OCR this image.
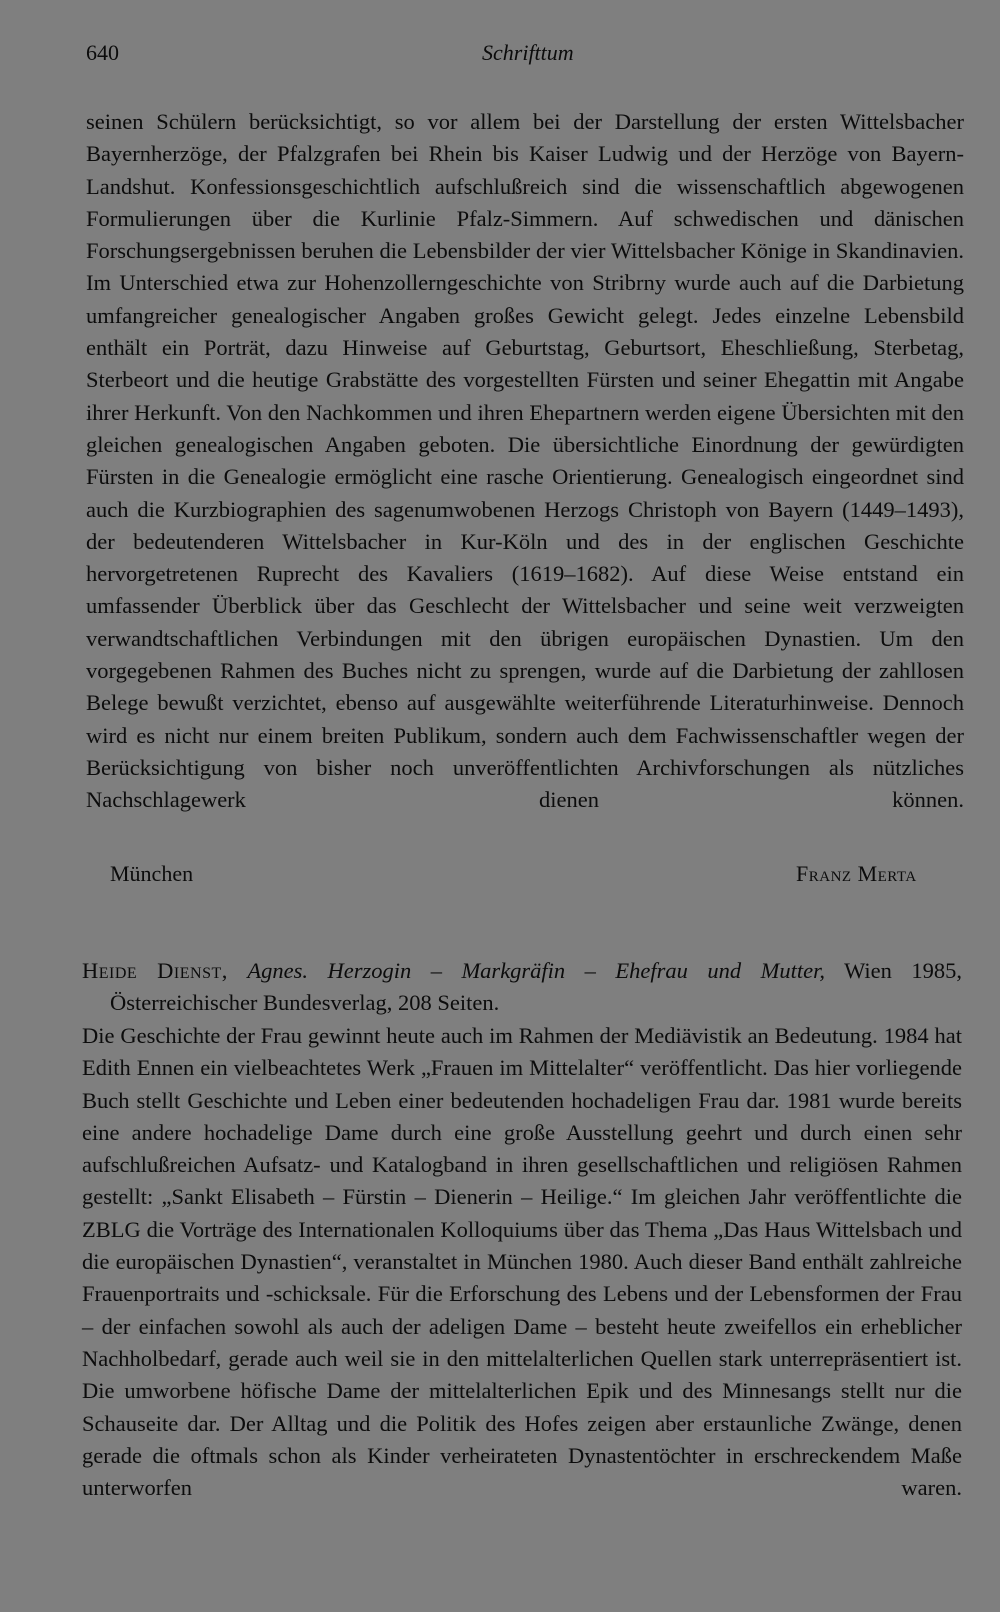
640	Schrifttum

seinen Schülern berücksichtigt, so vor allem bei der Darstellung der ersten Wittelsbacher Bayernherzöge, der Pfalzgrafen bei Rhein bis Kaiser Ludwig und der Herzöge von Bayern-Landshut. Konfessionsgeschichtlich aufschlußreich sind die wissenschaftlich abgewogenen Formulierungen über die Kurlinie Pfalz-Simmern. Auf schwedischen und dänischen Forschungsergebnissen beruhen die Lebensbilder der vier Wittelsbacher Könige in Skandinavien. Im Unterschied etwa zur Hohenzollerngeschichte von Stribrny wurde auch auf die Darbietung umfangreicher genealogischer Angaben großes Gewicht gelegt. Jedes einzelne Lebensbild enthält ein Porträt, dazu Hinweise auf Geburtstag, Geburtsort, Eheschließung, Sterbetag, Sterbeort und die heutige Grabstätte des vorgestellten Fürsten und seiner Ehegattin mit Angabe ihrer Herkunft. Von den Nachkommen und ihren Ehepartnern werden eigene Übersichten mit den gleichen genealogischen Angaben geboten. Die übersichtliche Einordnung der gewürdigten Fürsten in die Genealogie ermöglicht eine rasche Orientierung. Genealogisch eingeordnet sind auch die Kurzbiographien des sagenumwobenen Herzogs Christoph von Bayern (1449–1493), der bedeutenderen Wittelsbacher in Kur-Köln und des in der englischen Geschichte hervorgetretenen Ruprecht des Kavaliers (1619–1682). Auf diese Weise entstand ein umfassender Überblick über das Geschlecht der Wittelsbacher und seine weit verzweigten verwandtschaftlichen Verbindungen mit den übrigen europäischen Dynastien. Um den vorgegebenen Rahmen des Buches nicht zu sprengen, wurde auf die Darbietung der zahllosen Belege bewußt verzichtet, ebenso auf ausgewählte weiterführende Literaturhinweise. Dennoch wird es nicht nur einem breiten Publikum, sondern auch dem Fachwissenschaftler wegen der Berücksichtigung von bisher noch unveröffentlichten Archivforschungen als nützliches Nachschlagewerk dienen können.

München	Franz Merta
Heide Dienst, Agnes. Herzogin – Markgräfin – Ehefrau und Mutter, Wien 1985,
Österreichischer Bundesverlag, 208 Seiten.

Die Geschichte der Frau gewinnt heute auch im Rahmen der Mediävistik an Bedeutung. 1984 hat Edith Ennen ein vielbeachtetes Werk „Frauen im Mittelalter“ veröffentlicht. Das hier vorliegende Buch stellt Geschichte und Leben einer bedeutenden hochadeligen Frau dar. 1981 wurde bereits eine andere hochadelige Dame durch eine große Ausstellung geehrt und durch einen sehr aufschlußreichen Aufsatz- und Katalogband in ihren gesellschaftlichen und religiösen Rahmen gestellt: „Sankt Elisabeth – Fürstin – Dienerin – Heilige.“ Im gleichen Jahr veröffentlichte die ZBLG die Vorträge des Internationalen Kolloquiums über das Thema „Das Haus Wittelsbach und die europäischen Dynastien“, veranstaltet in München 1980. Auch dieser Band enthält zahlreiche Frauenportraits und -schicksale. Für die Erforschung des Lebens und der Lebensformen der Frau – der einfachen sowohl als auch der adeligen Dame – besteht heute zweifellos ein erheblicher Nachholbedarf, gerade auch weil sie in den mittelalterlichen Quellen stark unterrepräsentiert ist. Die umworbene höfische Dame der mittelalterlichen Epik und des Minnesangs stellt nur die Schauseite dar. Der Alltag und die Politik des Hofes zeigen aber erstaunliche Zwänge, denen gerade die oftmals schon als Kinder verheirateten Dynastentöchter in erschreckendem Maße unterworfen waren.
